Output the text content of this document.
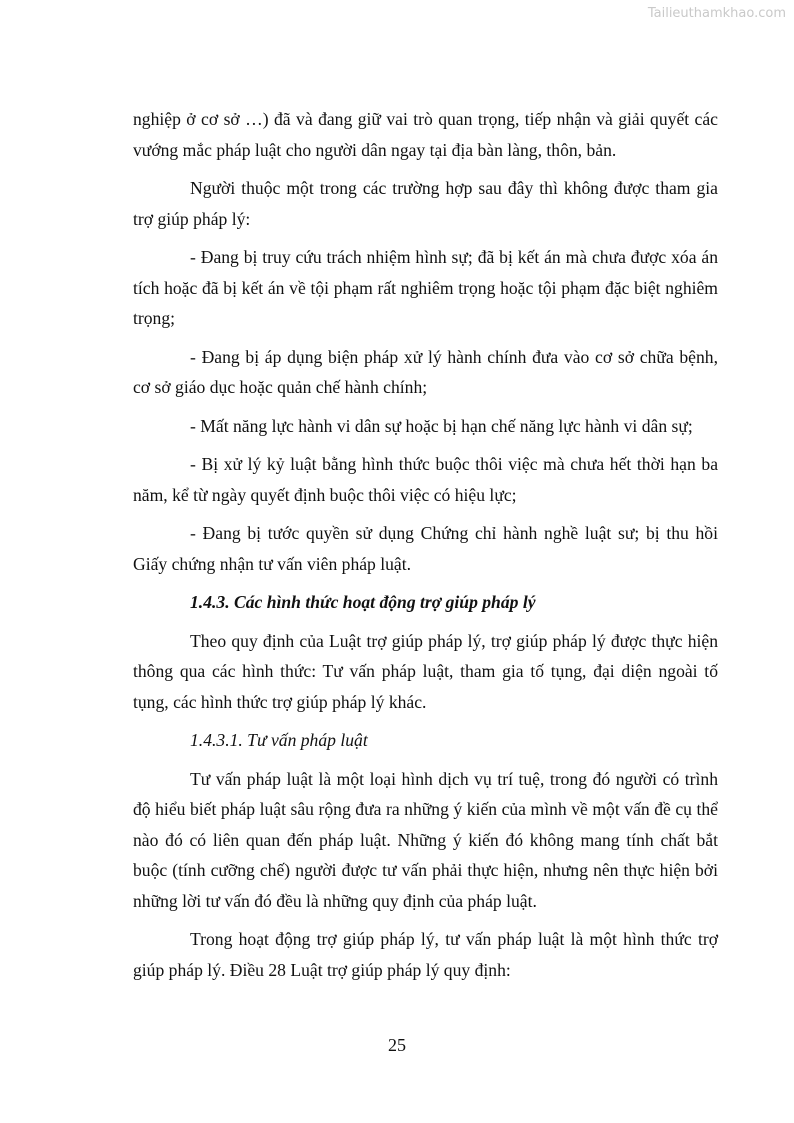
Tailieuthamkhao.com

nghiệp ở cơ sở …) đã và đang giữ vai trò quan trọng, tiếp nhận và giải quyết các vướng mắc pháp luật cho người dân ngay tại địa bàn làng, thôn, bản.

Người thuộc một trong các trường hợp sau đây thì không được tham gia trợ giúp pháp lý:

- Đang bị truy cứu trách nhiệm hình sự; đã bị kết án mà chưa được xóa án tích hoặc đã bị kết án về tội phạm rất nghiêm trọng hoặc tội phạm đặc biệt nghiêm trọng;

- Đang bị áp dụng biện pháp xử lý hành chính đưa vào cơ sở chữa bệnh, cơ sở giáo dục hoặc quản chế hành chính;

- Mất năng lực hành vi dân sự hoặc bị hạn chế năng lực hành vi dân sự;

- Bị xử lý kỷ luật bằng hình thức buộc thôi việc mà chưa hết thời hạn ba năm, kể từ ngày quyết định buộc thôi việc có hiệu lực;

- Đang bị tước quyền sử dụng Chứng chỉ hành nghề luật sư; bị thu hồi Giấy chứng nhận tư vấn viên pháp luật.

1.4.3. Các hình thức hoạt động trợ giúp pháp lý

Theo quy định của Luật trợ giúp pháp lý, trợ giúp pháp lý được thực hiện thông qua các hình thức: Tư vấn pháp luật, tham gia tố tụng, đại diện ngoài tố tụng, các hình thức trợ giúp pháp lý khác.

1.4.3.1. Tư vấn pháp luật

Tư vấn pháp luật là một loại hình dịch vụ trí tuệ, trong đó người có trình độ hiểu biết pháp luật sâu rộng đưa ra những ý kiến của mình về một vấn đề cụ thể nào đó có liên quan đến pháp luật. Những ý kiến đó không mang tính chất bắt buộc (tính cưỡng chế) người được tư vấn phải thực hiện, nhưng nên thực hiện bởi những lời tư vấn đó đều là những quy định của pháp luật.

Trong hoạt động trợ giúp pháp lý, tư vấn pháp luật là một hình thức trợ giúp pháp lý. Điều 28 Luật trợ giúp pháp lý quy định:

25
